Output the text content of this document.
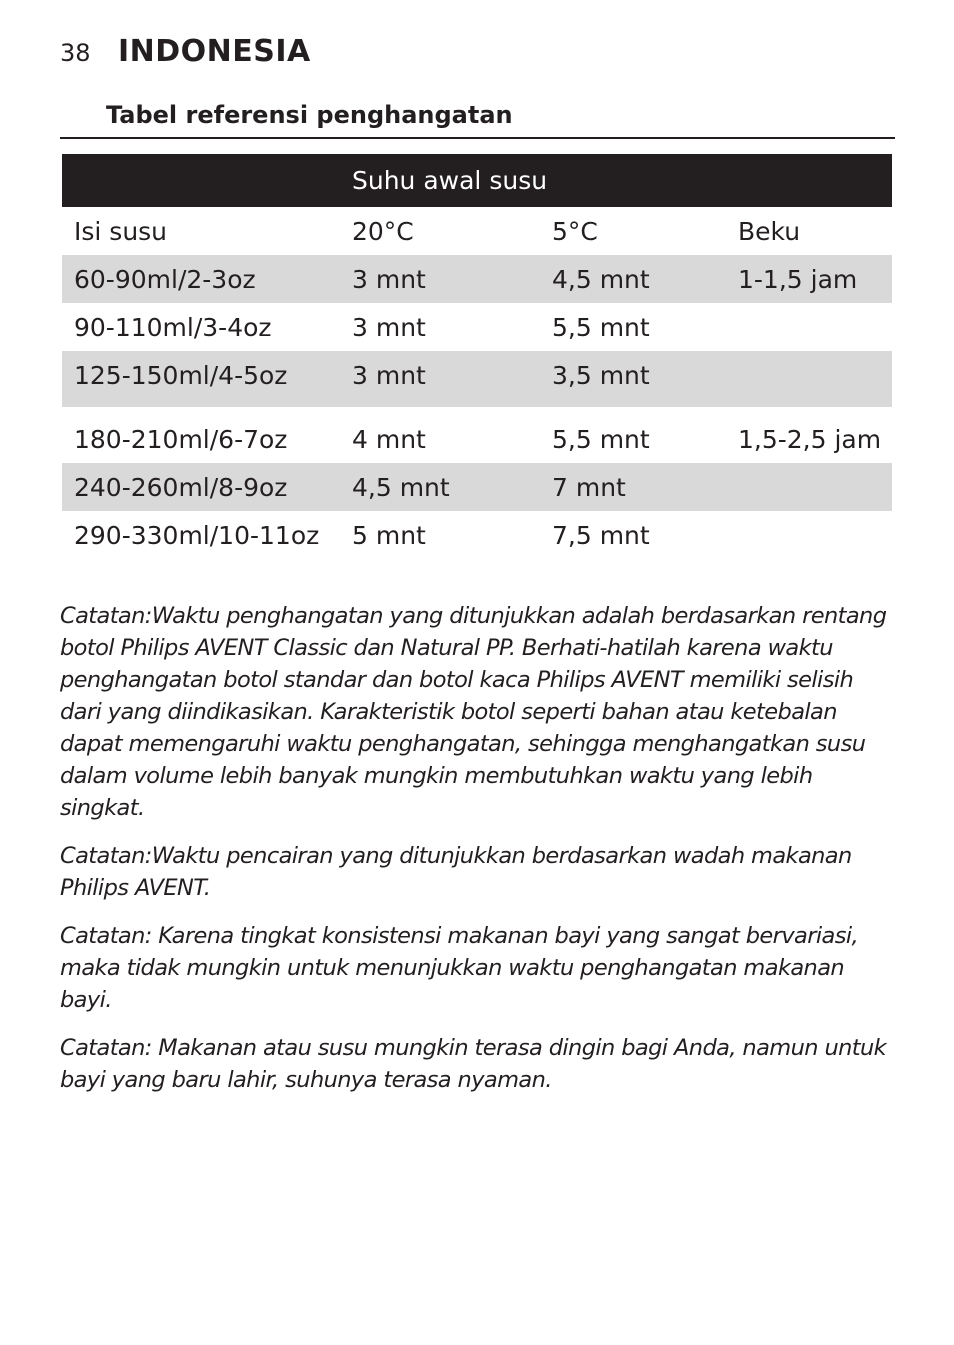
38 INDONESIA
Tabel referensi penghangatan
Suhu awal susu
Isi susu	20°C	5°C	Beku
60-90ml/2-3oz	3 mnt	4,5 mnt	1-1,5 jam
90-110ml/3-4oz	3 mnt	5,5 mnt
125-150ml/4-5oz	3 mnt	3,5 mnt
180-210ml/6-7oz	4 mnt	5,5 mnt	1,5-2,5 jam
240-260ml/8-9oz	4,5 mnt	7 mnt
290-330ml/10-11oz 5 mnt	7,5 mnt

Catatan:Waktu penghangatan yang ditunjukkan adalah berdasarkan rentang botol Philips AVENT Classic dan Natural PP. Berhati-hatilah karena waktu penghangatan botol standar dan botol kaca Philips AVENT memiliki selisih dari yang diindikasikan. Karakteristik botol seperti bahan atau ketebalan dapat memengaruhi waktu penghangatan, sehingga menghangatkan susu dalam volume lebih banyak mungkin membutuhkan waktu yang lebih singkat.

Catatan:Waktu pencairan yang ditunjukkan berdasarkan wadah makanan Philips AVENT.

Catatan: Karena tingkat konsistensi makanan bayi yang sangat bervariasi, maka tidak mungkin untuk menunjukkan waktu penghangatan makanan bayi.

Catatan: Makanan atau susu mungkin terasa dingin bagi Anda, namun untuk bayi yang baru lahir, suhunya terasa nyaman.
